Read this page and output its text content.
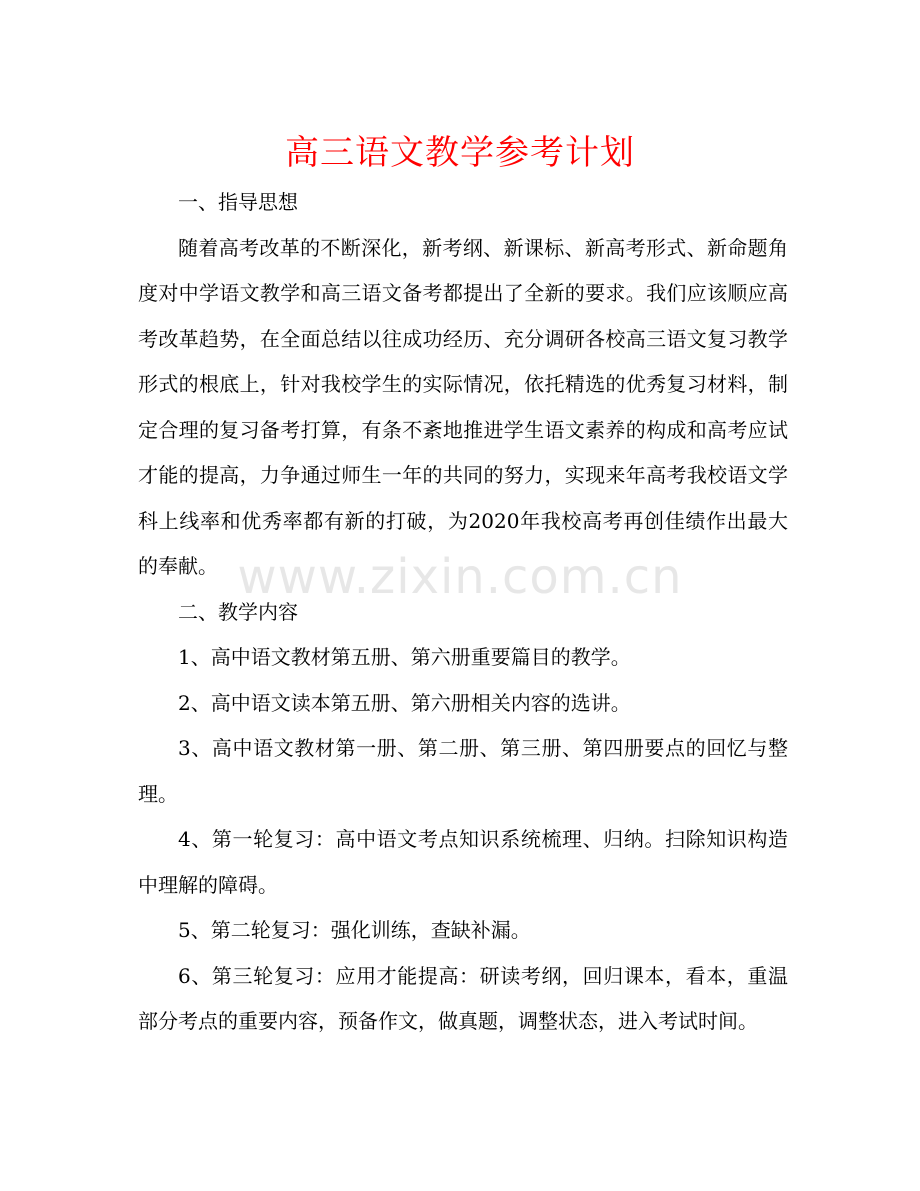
高三语文教学参考计划

一、指导思想

随着高考改革的不断深化，新考纲、新课标、新高考形式、新命题角度对中学语文教学和高三语文备考都提出了全新的要求。我们应该顺应高考改革趋势，在全面总结以往成功经历、充分调研各校高三语文复习教学形式的根底上，针对我校学生的实际情况，依托精选的优秀复习材料，制定合理的复习备考打算，有条不紊地推进学生语文素养的构成和高考应试才能的提高，力争通过师生一年的共同的努力，实现来年高考我校语文学科上线率和优秀率都有新的打破，为2020年我校高考再创佳绩作出最大的奉献。

二、教学内容

1、高中语文教材第五册、第六册重要篇目的教学。

2、高中语文读本第五册、第六册相关内容的选讲。

3、高中语文教材第一册、第二册、第三册、第四册要点的回忆与整理。

4、第一轮复习：高中语文考点知识系统梳理、归纳。扫除知识构造中理解的障碍。

5、第二轮复习：强化训练，查缺补漏。

6、第三轮复习：应用才能提高：研读考纲，回归课本，看本，重温部分考点的重要内容，预备作文，做真题，调整状态，进入考试时间。

www.zixin.com.cn
